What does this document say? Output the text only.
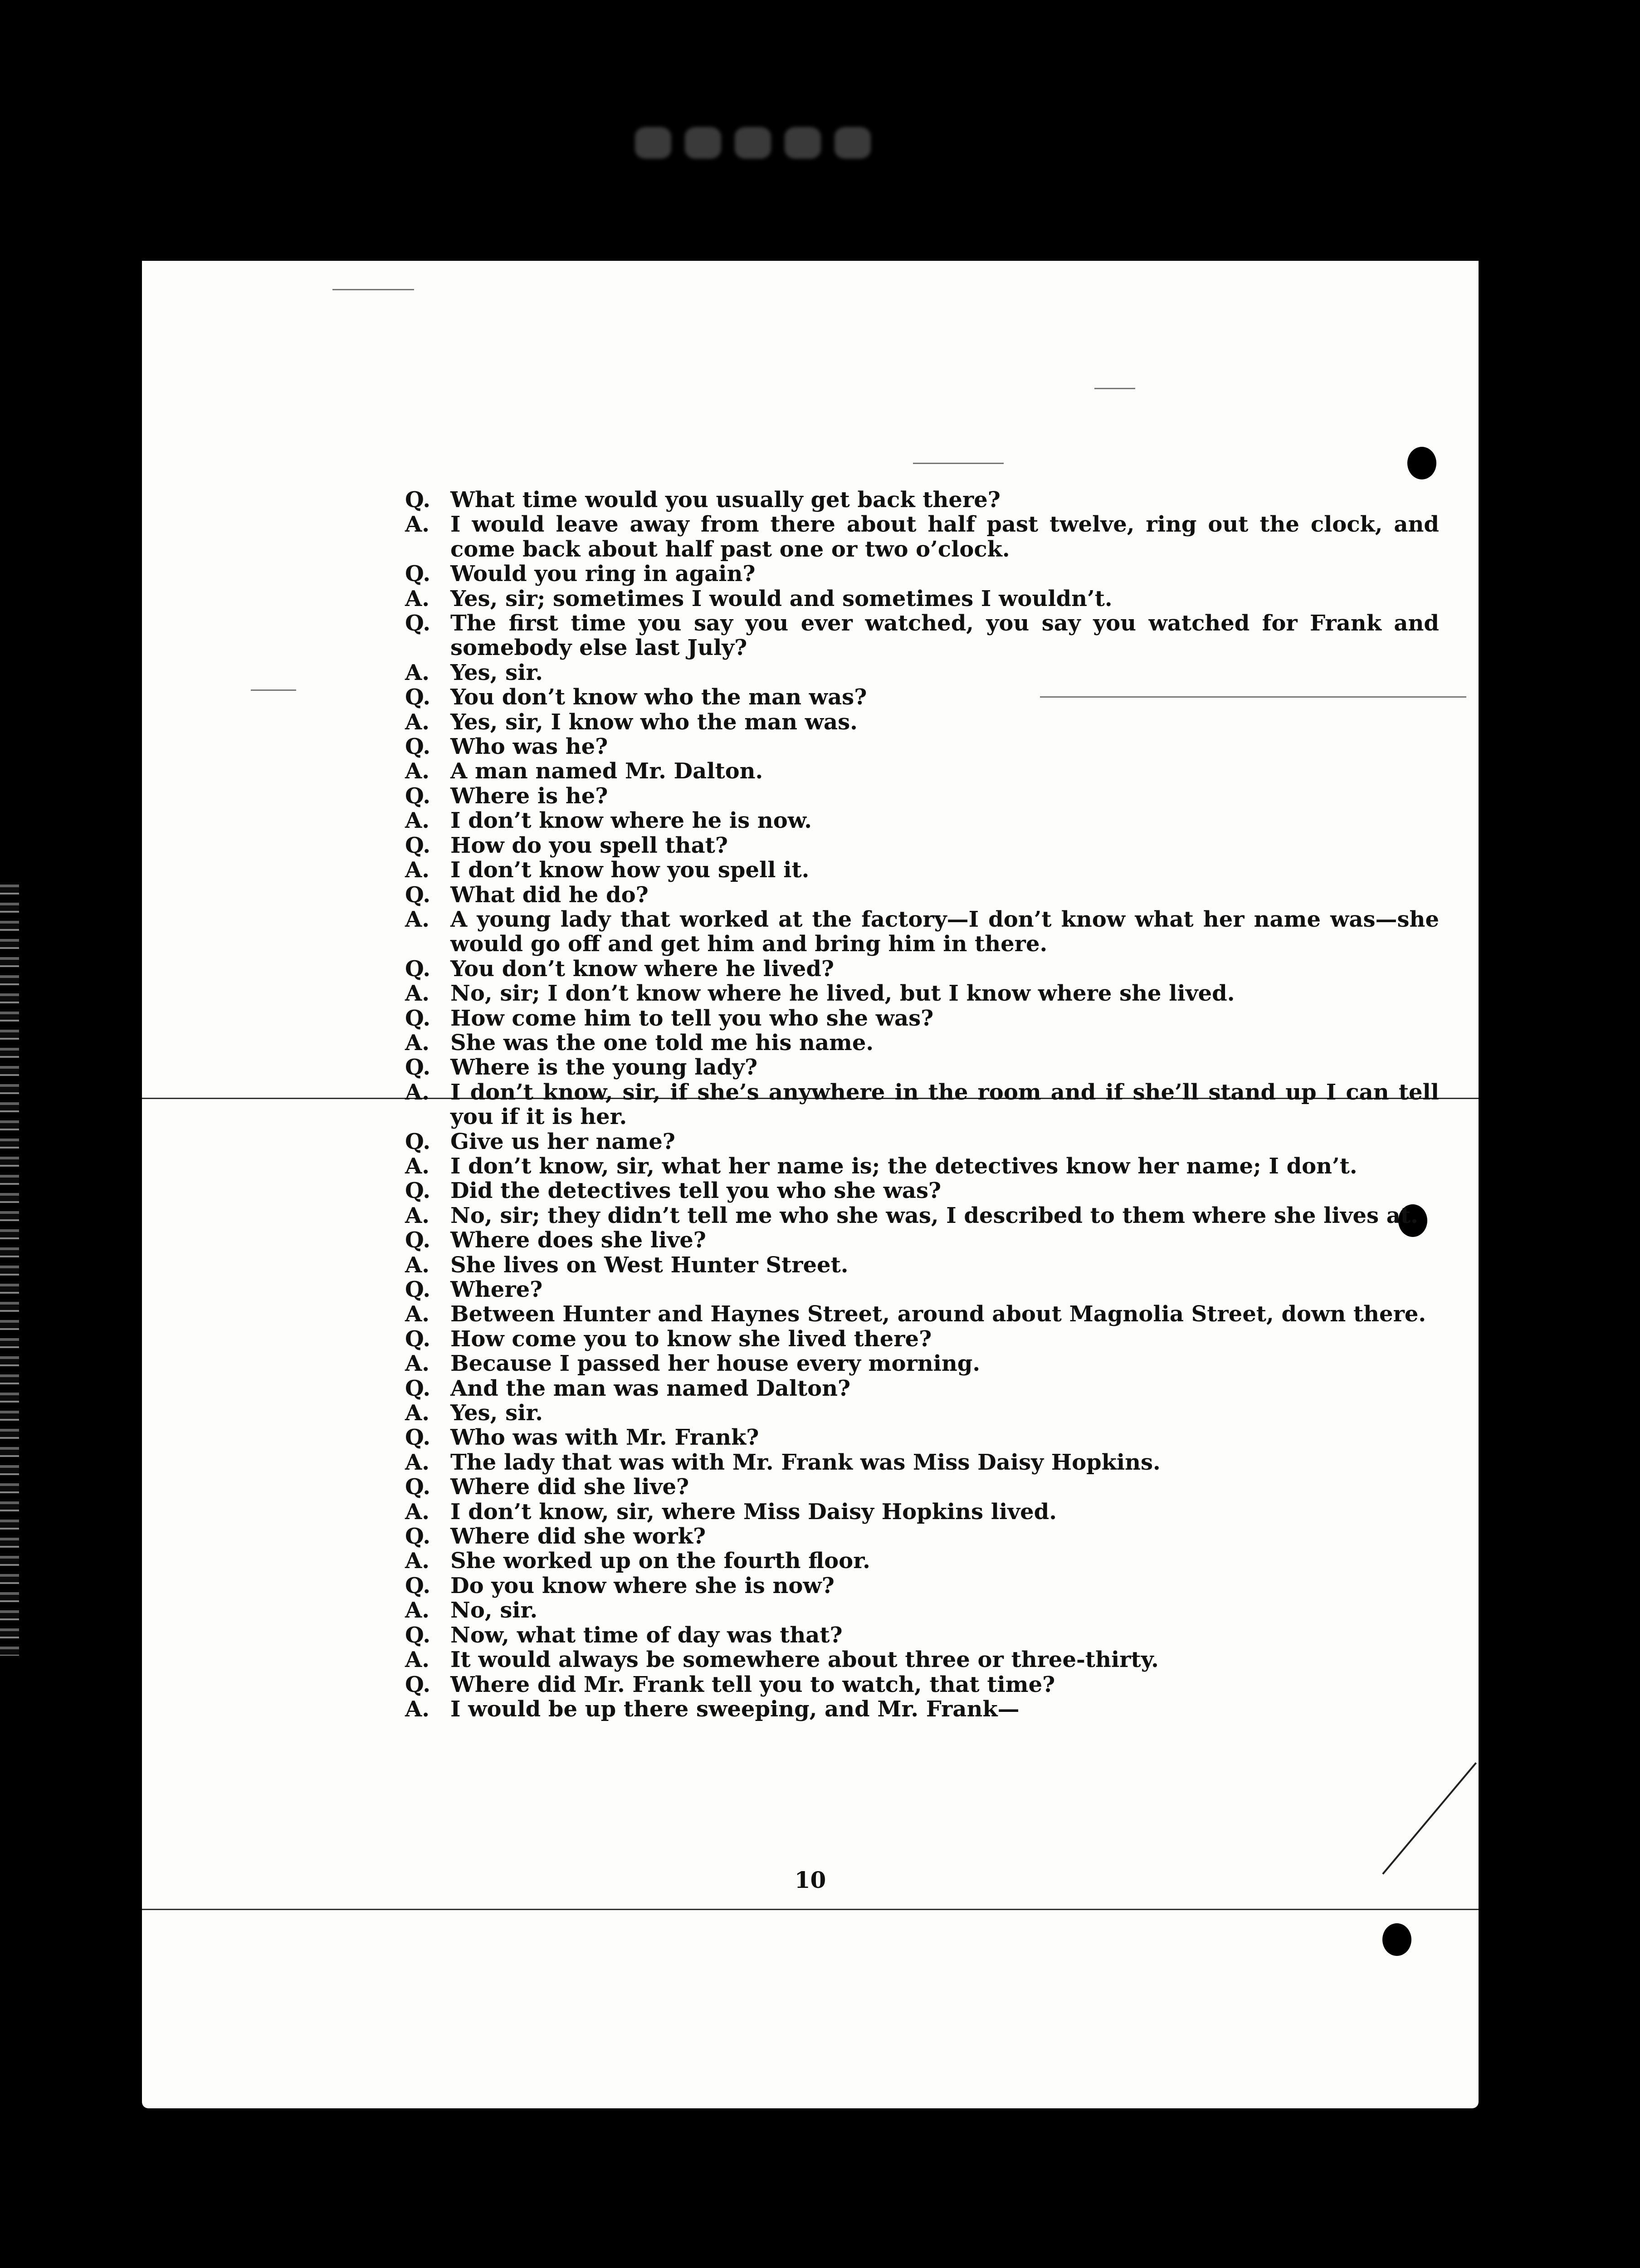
Q. What time would you usually get back there?
A. I would leave away from there about half past twelve, ring out the clock, and come back about half past one or two o’clock.
Q. Would you ring in again?
A. Yes, sir; sometimes I would and sometimes I wouldn’t.
Q. The first time you say you ever watched, you say you watched for Frank and somebody else last July?
A. Yes, sir.
Q. You don’t know who the man was?
A. Yes, sir, I know who the man was.
Q. Who was he?
A. A man named Mr. Dalton.
Q. Where is he?
A. I don’t know where he is now.
Q. How do you spell that?
A. I don’t know how you spell it.
Q. What did he do?
A. A young lady that worked at the factory—I don’t know what her name was—she would go off and get him and bring him in there.
Q. You don’t know where he lived?
A. No, sir; I don’t know where he lived, but I know where she lived.
Q. How come him to tell you who she was?
A. She was the one told me his name.
Q. Where is the young lady?
A. I don’t know, sir, if she’s anywhere in the room and if she’ll stand up I can tell you if it is her.
Q. Give us her name?
A. I don’t know, sir, what her name is; the detectives know her name; I don’t.
Q. Did the detectives tell you who she was?
A. No, sir; they didn’t tell me who she was, I described to them where she lives at.
Q. Where does she live?
A. She lives on West Hunter Street.
Q. Where?
A. Between Hunter and Haynes Street, around about Magnolia Street, down there.
Q. How come you to know she lived there?
A. Because I passed her house every morning.
Q. And the man was named Dalton?
A. Yes, sir.
Q. Who was with Mr. Frank?
A. The lady that was with Mr. Frank was Miss Daisy Hopkins.
Q. Where did she live?
A. I don’t know, sir, where Miss Daisy Hopkins lived.
Q. Where did she work?
A. She worked up on the fourth floor.
Q. Do you know where she is now?
A. No, sir.
Q. Now, what time of day was that?
A. It would always be somewhere about three or three-thirty.
Q. Where did Mr. Frank tell you to watch, that time?
A. I would be up there sweeping, and Mr. Frank—
10
